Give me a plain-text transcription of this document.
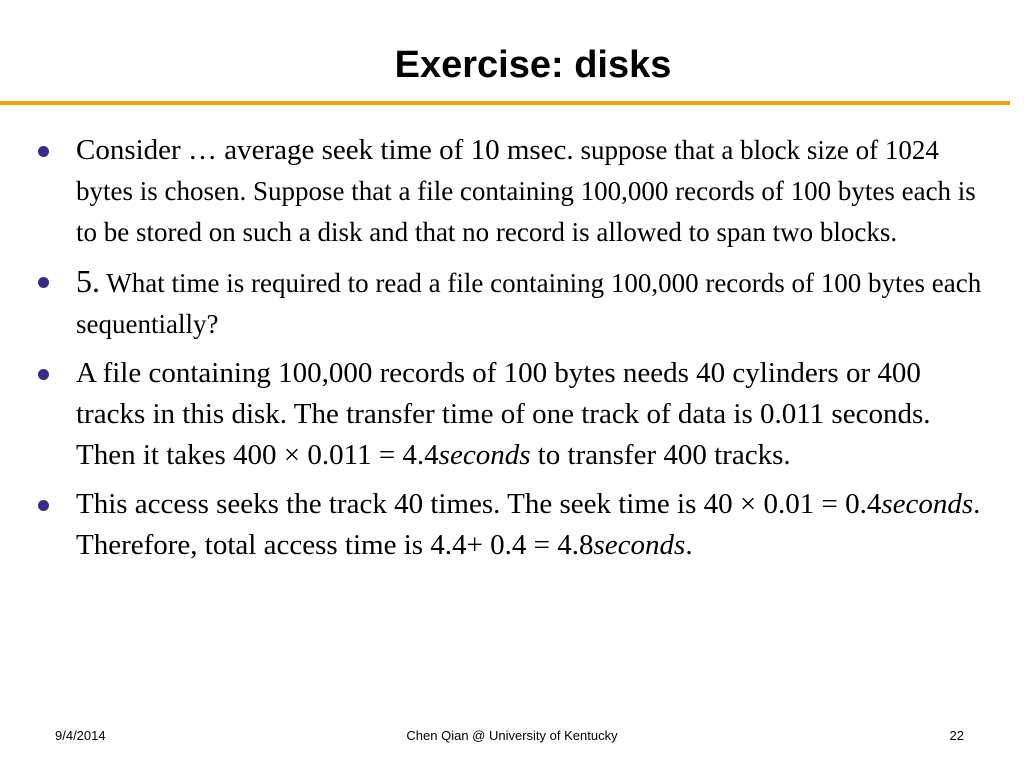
Exercise: disks
Consider … average seek time of 10 msec. suppose that a block size of 1024 bytes is chosen. Suppose that a file containing 100,000 records of 100 bytes each is to be stored on such a disk and that no record is allowed to span two blocks.
5. What time is required to read a file containing 100,000 records of 100 bytes each sequentially?
A file containing 100,000 records of 100 bytes needs 40 cylinders or 400 tracks in this disk. The transfer time of one track of data is 0.011 seconds. Then it takes 400 × 0.011 = 4.4seconds to transfer 400 tracks.
This access seeks the track 40 times. The seek time is 40 × 0.01 = 0.4seconds. Therefore, total access time is 4.4+ 0.4 = 4.8seconds.
9/4/2014	Chen Qian @ University of Kentucky	22
